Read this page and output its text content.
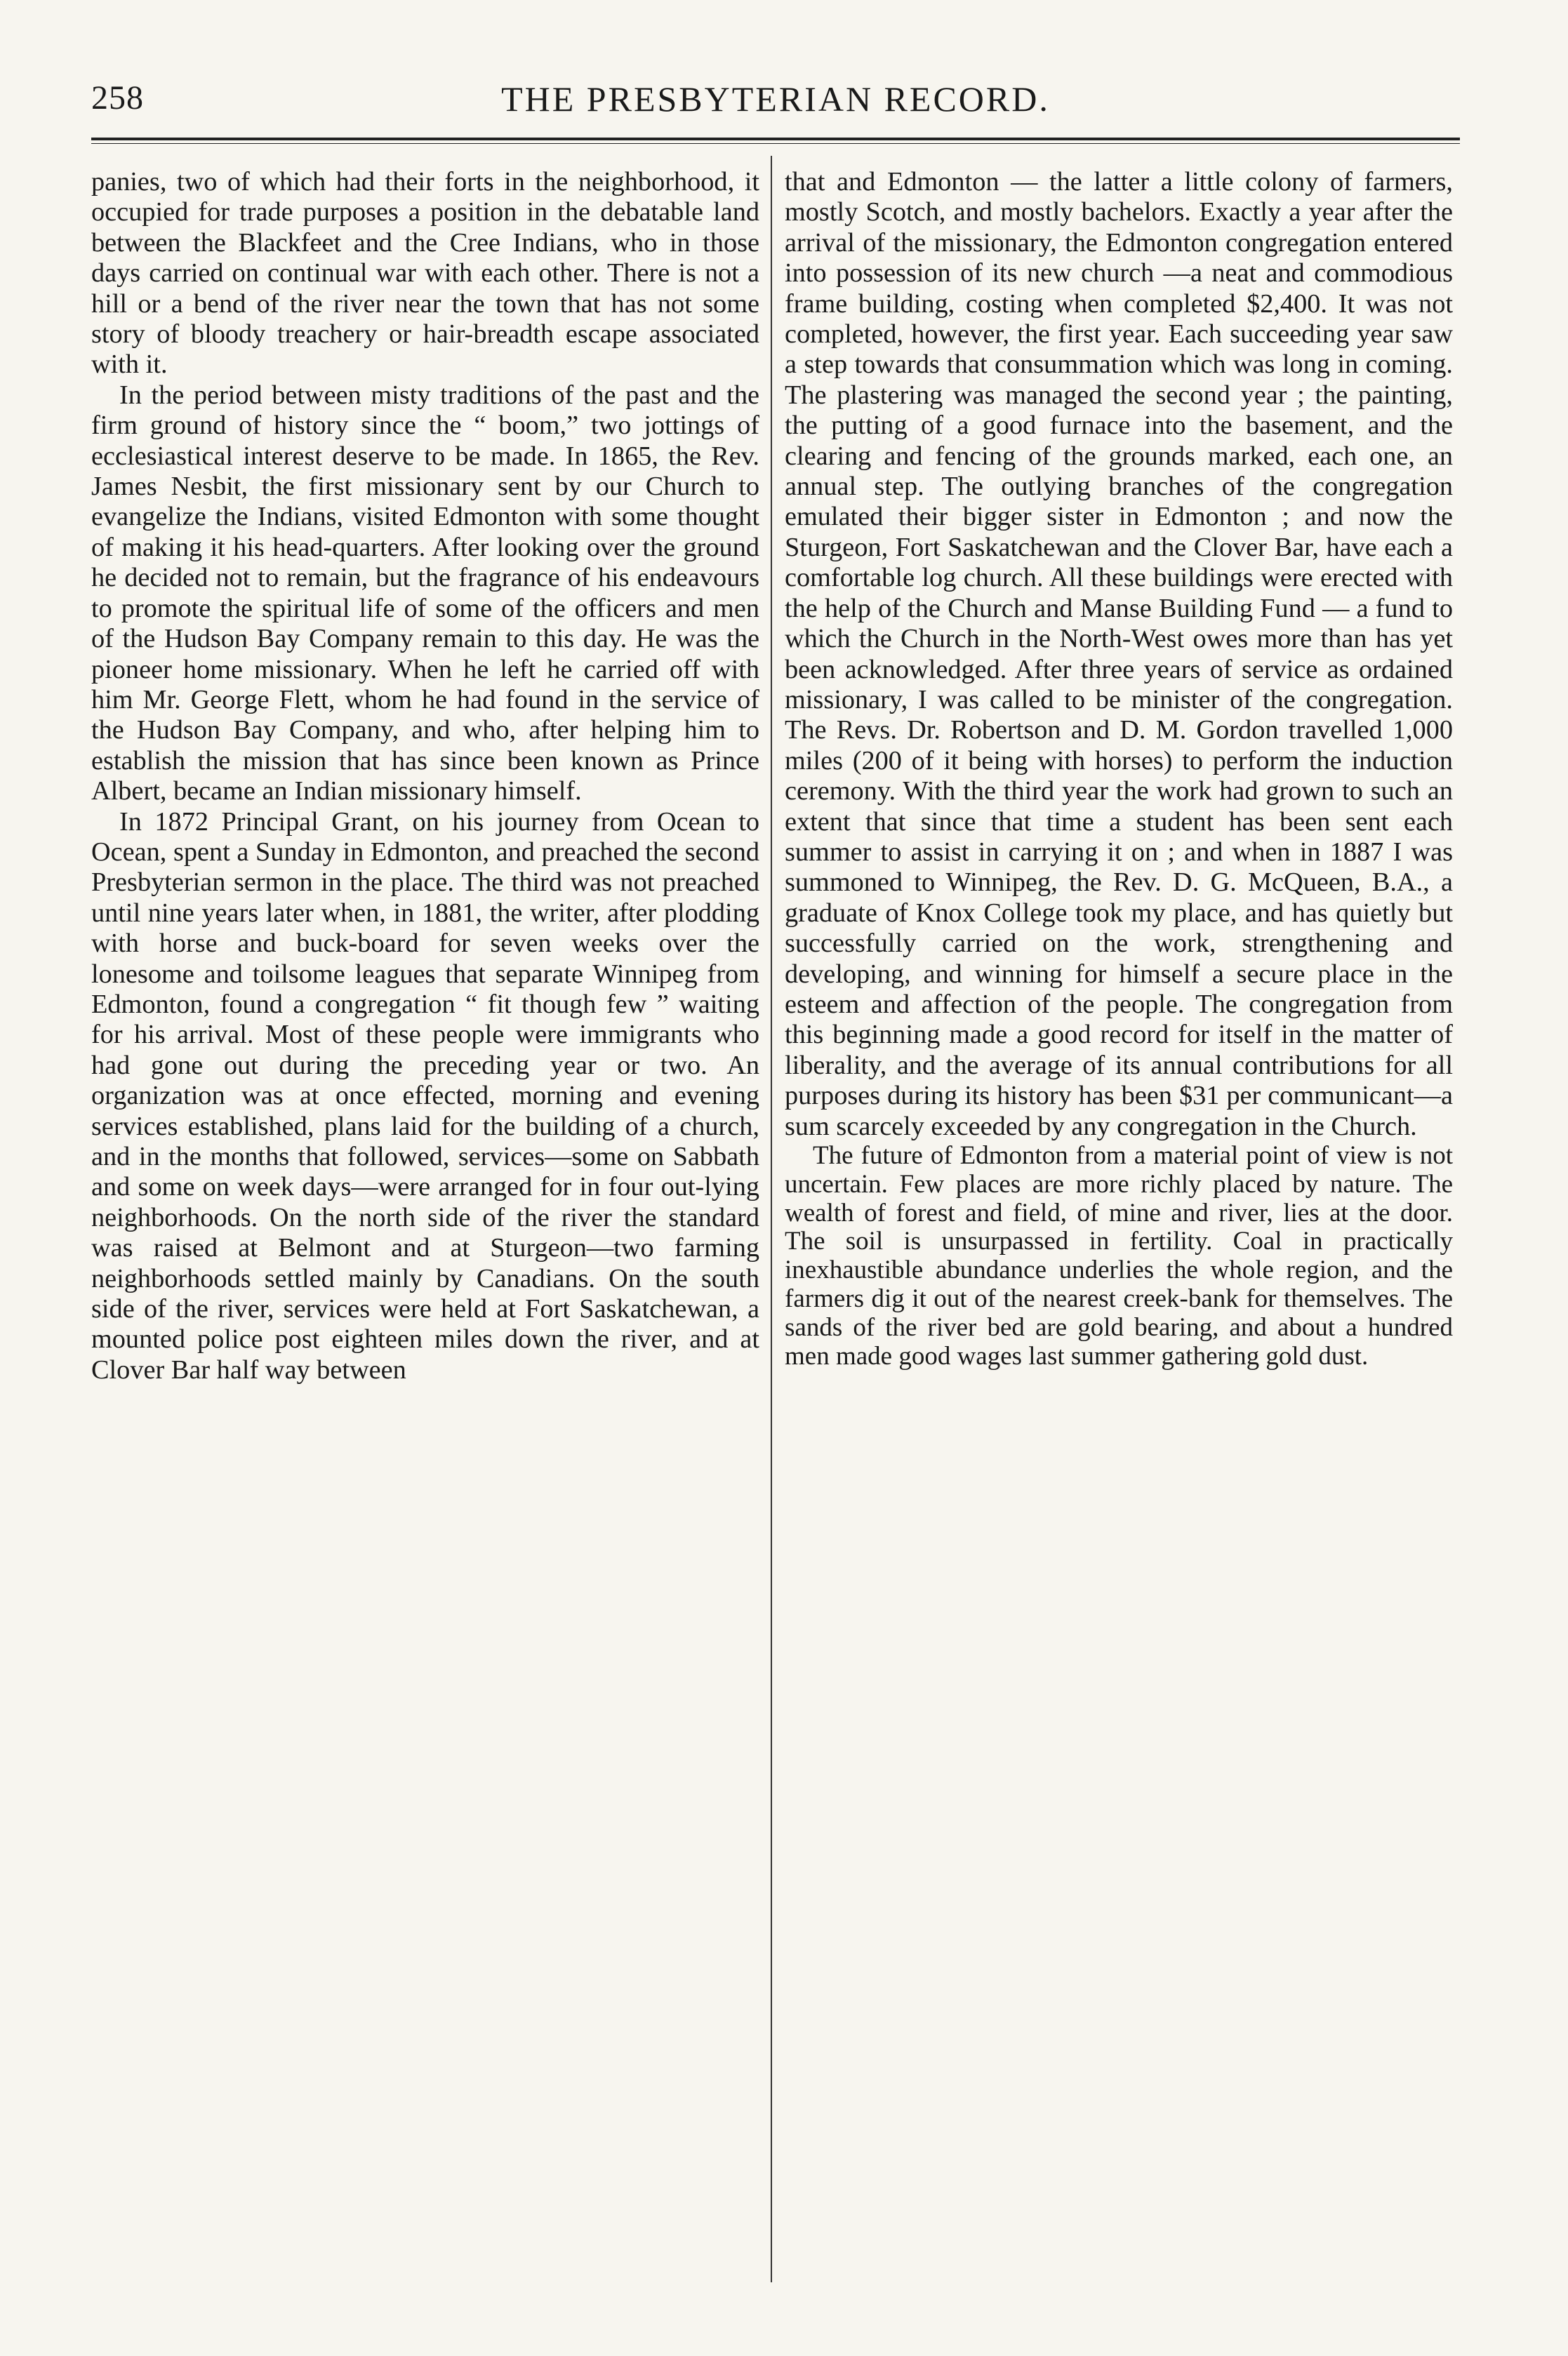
258	THE PRESBYTERIAN RECORD.

panies, two of which had their forts in the neighborhood, it occupied for trade purposes a position in the debatable land between the Blackfeet and the Cree Indians, who in those days carried on continual war with each other. There is not a hill or a bend of the river near the town that has not some story of bloody treachery or hair-breadth escape associated with it.

In the period between misty traditions of the past and the firm ground of history since the “ boom,” two jottings of ecclesiastical interest deserve to be made. In 1865, the Rev. James Nesbit, the first missionary sent by our Church to evangelize the Indians, visited Edmonton with some thought of making it his head-quarters. After looking over the ground he decided not to remain, but the fragrance of his endeavours to promote the spiritual life of some of the officers and men of the Hudson Bay Company remain to this day. He was the pioneer home missionary. When he left he carried off with him Mr. George Flett, whom he had found in the service of the Hudson Bay Company, and who, after helping him to establish the mission that has since been known as Prince Albert, became an Indian missionary himself.

In 1872 Principal Grant, on his journey from Ocean to Ocean, spent a Sunday in Edmonton, and preached the second Presbyterian sermon in the place. The third was not preached until nine years later when, in 1881, the writer, after plodding with horse and buck-board for seven weeks over the lonesome and toilsome leagues that separate Winnipeg from Edmonton, found a congregation “ fit though few ” waiting for his arrival. Most of these people were immigrants who had gone out during the preceding year or two. An organization was at once effected, morning and evening services established, plans laid for the building of a church, and in the months that followed, services—some on Sabbath and some on week days—were arranged for in four out-lying neighborhoods. On the north side of the river the standard was raised at Belmont and at Sturgeon—two farming neighborhoods settled mainly by Canadians. On the south side of the river, services were held at Fort Saskatchewan, a mounted police post eighteen miles down the river, and at Clover Bar half way between

that and Edmonton — the latter a little colony of farmers, mostly Scotch, and mostly bachelors. Exactly a year after the arrival of the missionary, the Edmonton congregation entered into possession of its new church —a neat and commodious frame building, costing when completed $2,400. It was not completed, however, the first year. Each succeeding year saw a step towards that consummation which was long in coming. The plastering was managed the second year ; the painting, the putting of a good furnace into the basement, and the clearing and fencing of the grounds marked, each one, an annual step. The outlying branches of the congregation emulated their bigger sister in Edmonton ; and now the Sturgeon, Fort Saskatchewan and the Clover Bar, have each a comfortable log church. All these buildings were erected with the help of the Church and Manse Building Fund — a fund to which the Church in the North-West owes more than has yet been acknowledged. After three years of service as ordained missionary, I was called to be minister of the congregation. The Revs. Dr. Robertson and D. M. Gordon travelled 1,000 miles (200 of it being with horses) to perform the induction ceremony. With the third year the work had grown to such an extent that since that time a student has been sent each summer to assist in carrying it on ; and when in 1887 I was summoned to Winnipeg, the Rev. D. G. McQueen, B.A., a graduate of Knox College took my place, and has quietly but successfully carried on the work, strengthening and developing, and winning for himself a secure place in the esteem and affection of the people. The congregation from this beginning made a good record for itself in the matter of liberality, and the average of its annual contributions for all purposes during its history has been $31 per communicant—a sum scarcely exceeded by any congregation in the Church.

The future of Edmonton from a material point of view is not uncertain. Few places are more richly placed by nature. The wealth of forest and field, of mine and river, lies at the door. The soil is unsurpassed in fertility. Coal in practically inexhaustible abundance underlies the whole region, and the farmers dig it out of the nearest creek-bank for themselves. The sands of the river bed are gold bearing, and about a hundred men made good wages last summer gathering gold dust.
